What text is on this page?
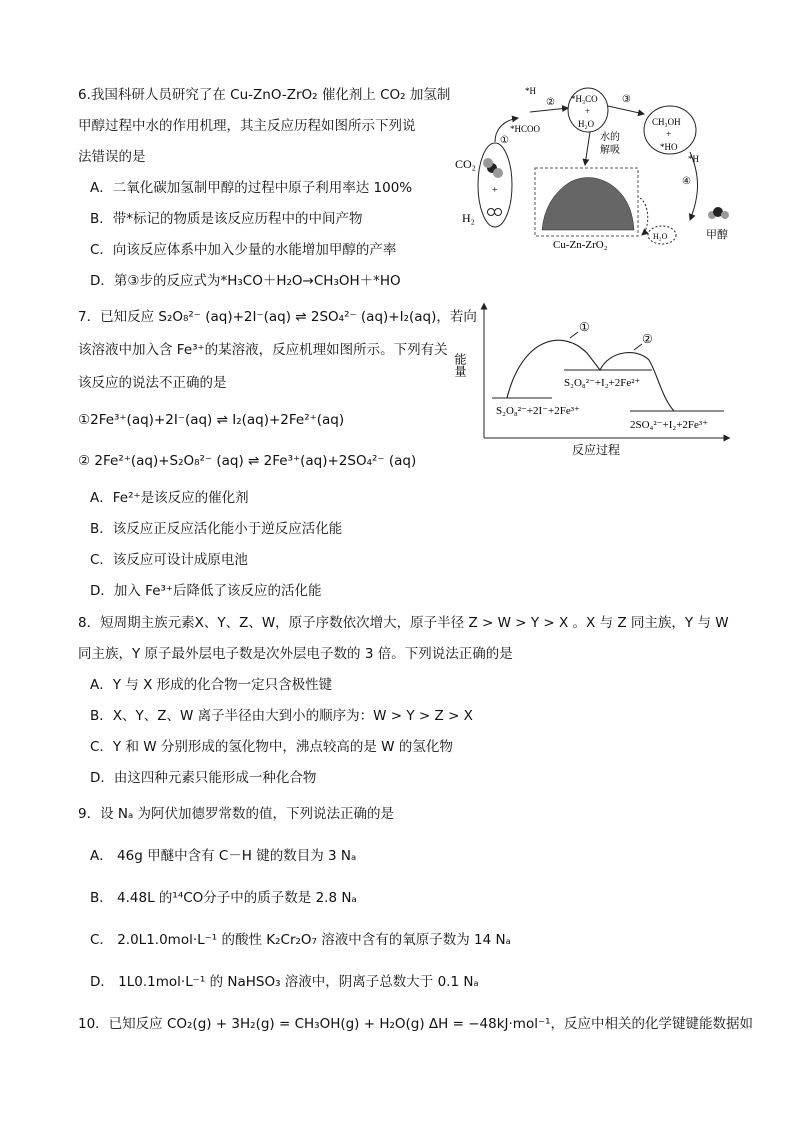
6.我国科研人员研究了在 Cu-ZnO-ZrO₂ 催化剂上 CO₂ 加氢制
甲醇过程中水的作用机理，其主反应历程如图所示下列说
法错误的是
A．二氧化碳加氢制甲醇的过程中原子利用率达 100%
B．带*标记的物质是该反应历程中的中间产物
C．向该反应体系中加入少量的水能增加甲醇的产率
D．第③步的反应式为*H₃CO＋H₂O→CH₃OH＋*HO
+
CO₂
H₂
①
*HCOO
*H
② *H₃CO
+
H₂O
③
CH₃OH
+
*HO
水的
解吸
*H
④
Cu-Zn-ZrO₂
H₂O	甲醇
7．已知反应 S₂O₈²⁻ (aq)+2I⁻(aq) ⇌ 2SO₄²⁻ (aq)+I₂(aq)，若向
该溶液中加入含 Fe³⁺的某溶液，反应机理如图所示。下列有关
该反应的说法不正确的是
①2Fe³⁺(aq)+2I⁻(aq) ⇌ I₂(aq)+2Fe²⁺(aq)
② 2Fe²⁺(aq)+S₂O₈²⁻ (aq) ⇌ 2Fe³⁺(aq)+2SO₄²⁻ (aq)
A．Fe²⁺是该反应的催化剂
B．该反应正反应活化能小于逆反应活化能
C．该反应可设计成原电池
D．加入 Fe³⁺后降低了该反应的活化能
能量
反应过程
①
②
S₂O₈²⁻+2I⁻+2Fe³⁺
S₂O₈²⁻+I₂+2Fe²⁺
2SO₄²⁻+I₂+2Fe³⁺
8．短周期主族元素X、Y、Z、W，原子序数依次增大，原子半径 Z > W > Y > X 。X 与 Z 同主族，Y 与 W
同主族，Y 原子最外层电子数是次外层电子数的 3 倍。下列说法正确的是
A．Y 与 X 形成的化合物一定只含极性键
B．X、Y、Z、W 离子半径由大到小的顺序为：W > Y > Z > X
C．Y 和 W 分别形成的氢化物中，沸点较高的是 W 的氢化物
D．由这四种元素只能形成一种化合物
9．设 Nₐ 为阿伏加德罗常数的值，下列说法正确的是
A． 46g 甲醚中含有 C－H 键的数目为 3 Nₐ
B． 4.48L 的¹⁴CO分子中的质子数是 2.8 Nₐ
C． 2.0L1.0mol·L⁻¹ 的酸性 K₂Cr₂O₇ 溶液中含有的氧原子数为 14 Nₐ
D． 1L0.1mol·L⁻¹ 的 NaHSO₃ 溶液中，阴离子总数大于 0.1 Nₐ
10．已知反应 CO₂(g) + 3H₂(g) = CH₃OH(g) + H₂O(g) ΔH = −48kJ·mol⁻¹，反应中相关的化学键键能数据如
